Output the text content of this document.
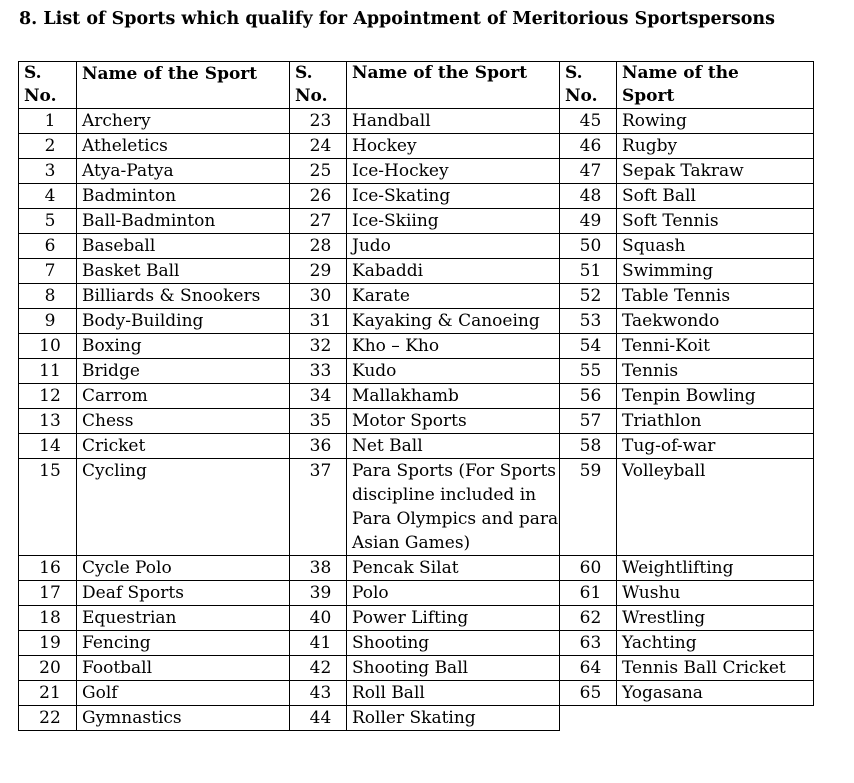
8. List of Sports which qualify for Appointment of Meritorious Sportspersons
S. No.	Name of the Sport	S. No.	Name of the Sport	S. No.	Name of the Sport

1	Archery	23	Handball	45	Rowing
2	Atheletics	24	Hockey	46	Rugby
3	Atya-Patya	25	Ice-Hockey	47	Sepak Takraw
4	Badminton	26	Ice-Skating	48	Soft Ball
5	Ball-Badminton	27	Ice-Skiing	49	Soft Tennis
6	Baseball	28	Judo	50	Squash
7	Basket Ball	29	Kabaddi	51	Swimming
8	Billiards & Snookers	30	Karate	52	Table Tennis
9	Body-Building	31	Kayaking & Canoeing	53	Taekwondo
10	Boxing	32	Kho – Kho	54	Tenni-Koit
11	Bridge	33	Kudo	55	Tennis
12	Carrom	34	Mallakhamb	56	Tenpin Bowling
13	Chess	35	Motor Sports	57	Triathlon
14	Cricket	36	Net Ball	58	Tug-of-war
15	Cycling	37	Para Sports (For Sports discipline included in Para Olympics and para Asian Games)	59	Volleyball
16	Cycle Polo	38	Pencak Silat	60	Weightlifting
17	Deaf Sports	39	Polo	61	Wushu
18	Equestrian	40	Power Lifting	62	Wrestling
19	Fencing	41	Shooting	63	Yachting
20	Football	42	Shooting Ball	64	Tennis Ball Cricket
21	Golf	43	Roll Ball	65	Yogasana
22	Gymnastics	44	Roller Skating		
